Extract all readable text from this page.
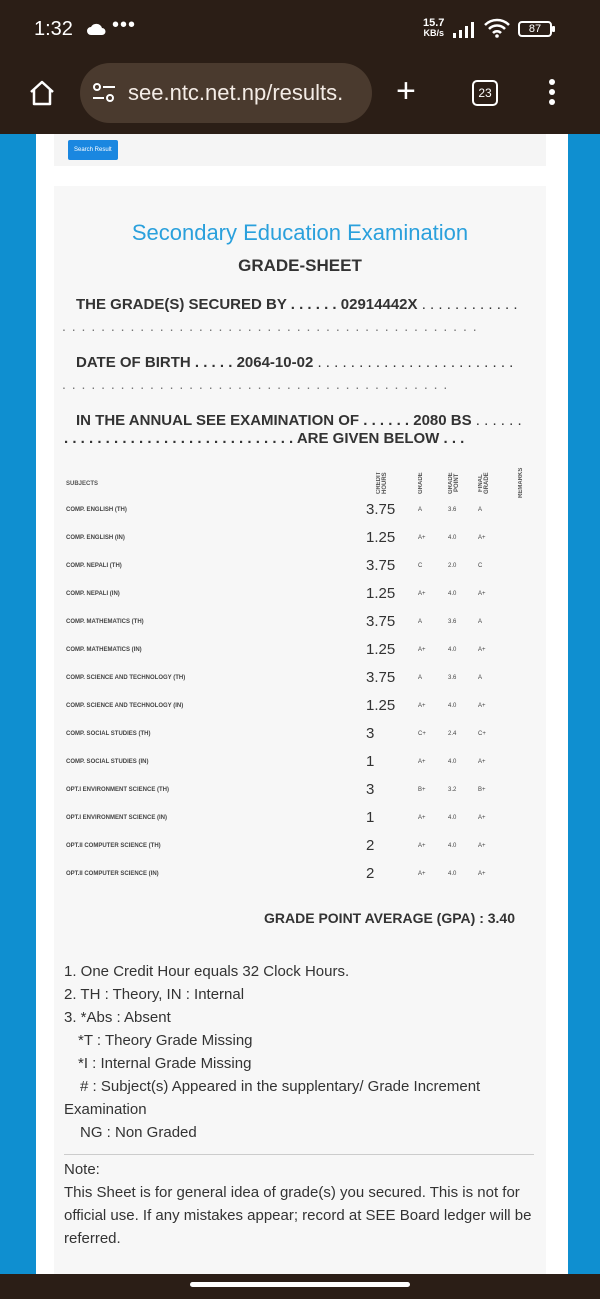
1:32 •••	15.7
KB/s	87
see.ntc.net.np/results.	+	23
Search Result
Secondary Education Examination
GRADE-SHEET
THE GRADE(S) SECURED BY . . . . . . 02914442X . . . . . . . . . . . .
. . . . . . . . . . . . . . . . . . . . . . . . . . . . . . . . . . . . . . . . . . .
DATE OF BIRTH . . . . . 2064-10-02 . . . . . . . . . . . . . . . . . . . . . . . .
. . . . . . . . . . . . . . . . . . . . . . . . . . . . . . . . . . . . . . . .
IN THE ANNUAL SEE EXAMINATION OF . . . . . . 2080 BS . . . . . .
. . . . . . . . . . . . . . . . . . . . . . . . . . . . ARE GIVEN BELOW . . .
SUBJECTS	CREDIT HOURS	GRADE	GRADE POINT	FINAL GRADE	REMARKS
COMP. ENGLISH (TH)	3.75	A	3.6	A
COMP. ENGLISH (IN)	1.25	A+	4.0	A+
COMP. NEPALI (TH)	3.75	C	2.0	C
COMP. NEPALI (IN)	1.25	A+	4.0	A+
COMP. MATHEMATICS (TH)	3.75	A	3.6	A
COMP. MATHEMATICS (IN)	1.25	A+	4.0	A+
COMP. SCIENCE AND TECHNOLOGY (TH)	3.75	A	3.6	A
COMP. SCIENCE AND TECHNOLOGY (IN)	1.25	A+	4.0	A+
COMP. SOCIAL STUDIES (TH)	3	C+	2.4	C+
COMP. SOCIAL STUDIES (IN)	1	A+	4.0	A+
OPT.I ENVIRONMENT SCIENCE (TH)	3	B+	3.2	B+
OPT.I ENVIRONMENT SCIENCE (IN)	1	A+	4.0	A+
OPT.II COMPUTER SCIENCE (TH)	2	A+	4.0	A+
OPT.II COMPUTER SCIENCE (IN)	2	A+	4.0	A+
GRADE POINT AVERAGE (GPA) : 3.40
1. One Credit Hour equals 32 Clock Hours.
2. TH : Theory, IN : Internal
3. *Abs : Absent
*T : Theory Grade Missing
*I : Internal Grade Missing
# : Subject(s) Appeared in the supplentary/ Grade Increment
Examination
NG : Non Graded
Note:
This Sheet is for general idea of grade(s) you secured. This is not for official use. If any mistakes appear; record at SEE Board ledger will be referred.
